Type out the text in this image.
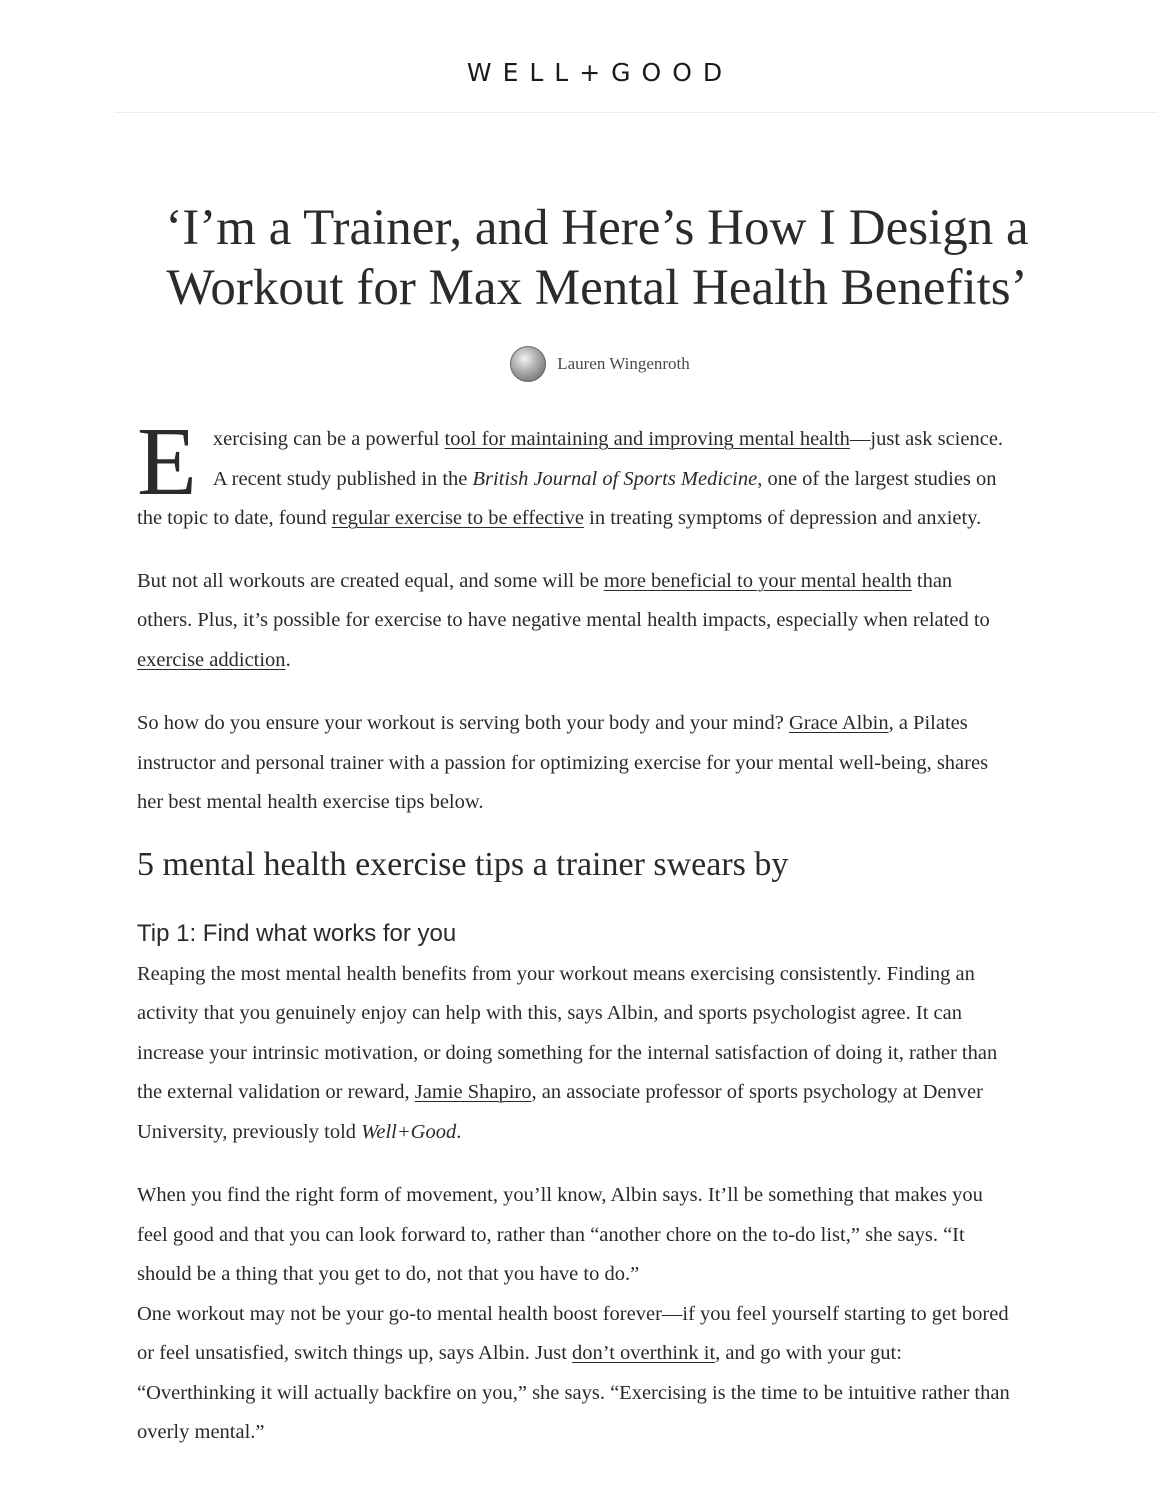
WELL+GOOD
‘I’m a Trainer, and Here’s How I Design a Workout for Max Mental Health Benefits’
Lauren Wingenroth

Exercising can be a powerful tool for maintaining and improving mental health—just ask science. A recent study published in the British Journal of Sports Medicine, one of the largest studies on the topic to date, found regular exercise to be effective in treating symptoms of depression and anxiety.

But not all workouts are created equal, and some will be more beneficial to your mental health than others. Plus, it’s possible for exercise to have negative mental health impacts, especially when related to exercise addiction.

So how do you ensure your workout is serving both your body and your mind? Grace Albin, a Pilates instructor and personal trainer with a passion for optimizing exercise for your mental well-being, shares her best mental health exercise tips below.

5 mental health exercise tips a trainer swears by
Tip 1: Find what works for you

Reaping the most mental health benefits from your workout means exercising consistently. Finding an activity that you genuinely enjoy can help with this, says Albin, and sports psychologist agree. It can increase your intrinsic motivation, or doing something for the internal satisfaction of doing it, rather than the external validation or reward, Jamie Shapiro, an associate professor of sports psychology at Denver University, previously told Well+Good.

When you find the right form of movement, you’ll know, Albin says. It’ll be something that makes you feel good and that you can look forward to, rather than “another chore on the to-do list,” she says. “It should be a thing that you get to do, not that you have to do.”

One workout may not be your go-to mental health boost forever—if you feel yourself starting to get bored or feel unsatisfied, switch things up, says Albin. Just don’t overthink it, and go with your gut: “Overthinking it will actually backfire on you,” she says. “Exercising is the time to be intuitive rather than overly mental.”
